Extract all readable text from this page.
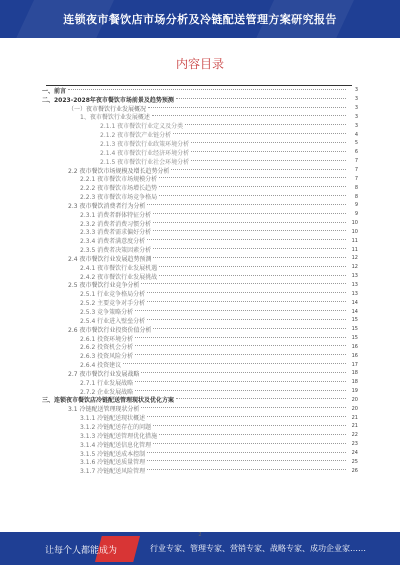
连锁夜市餐饮店市场分析及冷链配送管理方案研究报告
内容目录
一、前言	3
二、2023-2028年夜市餐饮市场前景及趋势预测	3
（一）夜市餐饮行业发展概况	3
1、夜市餐饮行业发展概述	3
2.1.1 夜市餐饮行业定义及分类	3
2.1.2 夜市餐饮产业链分析	4
2.1.3 夜市餐饮行业政策环境分析	5
2.1.4 夜市餐饮行业经济环境分析	6
2.1.5 夜市餐饮行业社会环境分析	7
2.2 夜市餐饮市场规模及增长趋势分析	7
2.2.1 夜市餐饮市场规模分析	7
2.2.2 夜市餐饮市场增长趋势	8
2.2.3 夜市餐饮市场竞争格局	8
2.3 夜市餐饮消费者行为分析	9
2.3.1 消费者群体特征分析	9
2.3.2 消费者消费习惯分析	10
2.3.3 消费者需求偏好分析	10
2.3.4 消费者满意度分析	11
2.3.5 消费者决策因素分析	11
2.4 夜市餐饮行业发展趋势预测	12
2.4.1 夜市餐饮行业发展机遇	12
2.4.2 夜市餐饮行业发展挑战	13
2.5 夜市餐饮行业竞争分析	13
2.5.1 行业竞争格局分析	13
2.5.2 主要竞争对手分析	14
2.5.3 竞争策略分析	14
2.5.4 行业进入壁垒分析	15
2.6 夜市餐饮行业投资价值分析	15
2.6.1 投资环境分析	15
2.6.2 投资机会分析	16
2.6.3 投资风险分析	16
2.6.4 投资建议	17
2.7 夜市餐饮行业发展战略	18
2.7.1 行业发展战略	18
2.7.2 企业发展战略	19
三、连锁夜市餐饮店冷链配送管理现状及优化方案	20
3.1 冷链配送管理现状分析	20
3.1.1 冷链配送现状概述	21
3.1.2 冷链配送存在的问题	21
3.1.3 冷链配送管理优化措施	22
3.1.4 冷链配送信息化管理	23
3.1.5 冷链配送成本控制	24
3.1.6 冷链配送质量管理	25
3.1.7 冷链配送风险管理	26
2
让每个人都能成为	行业专家、管理专家、营销专家、战略专家、成功企业家……
